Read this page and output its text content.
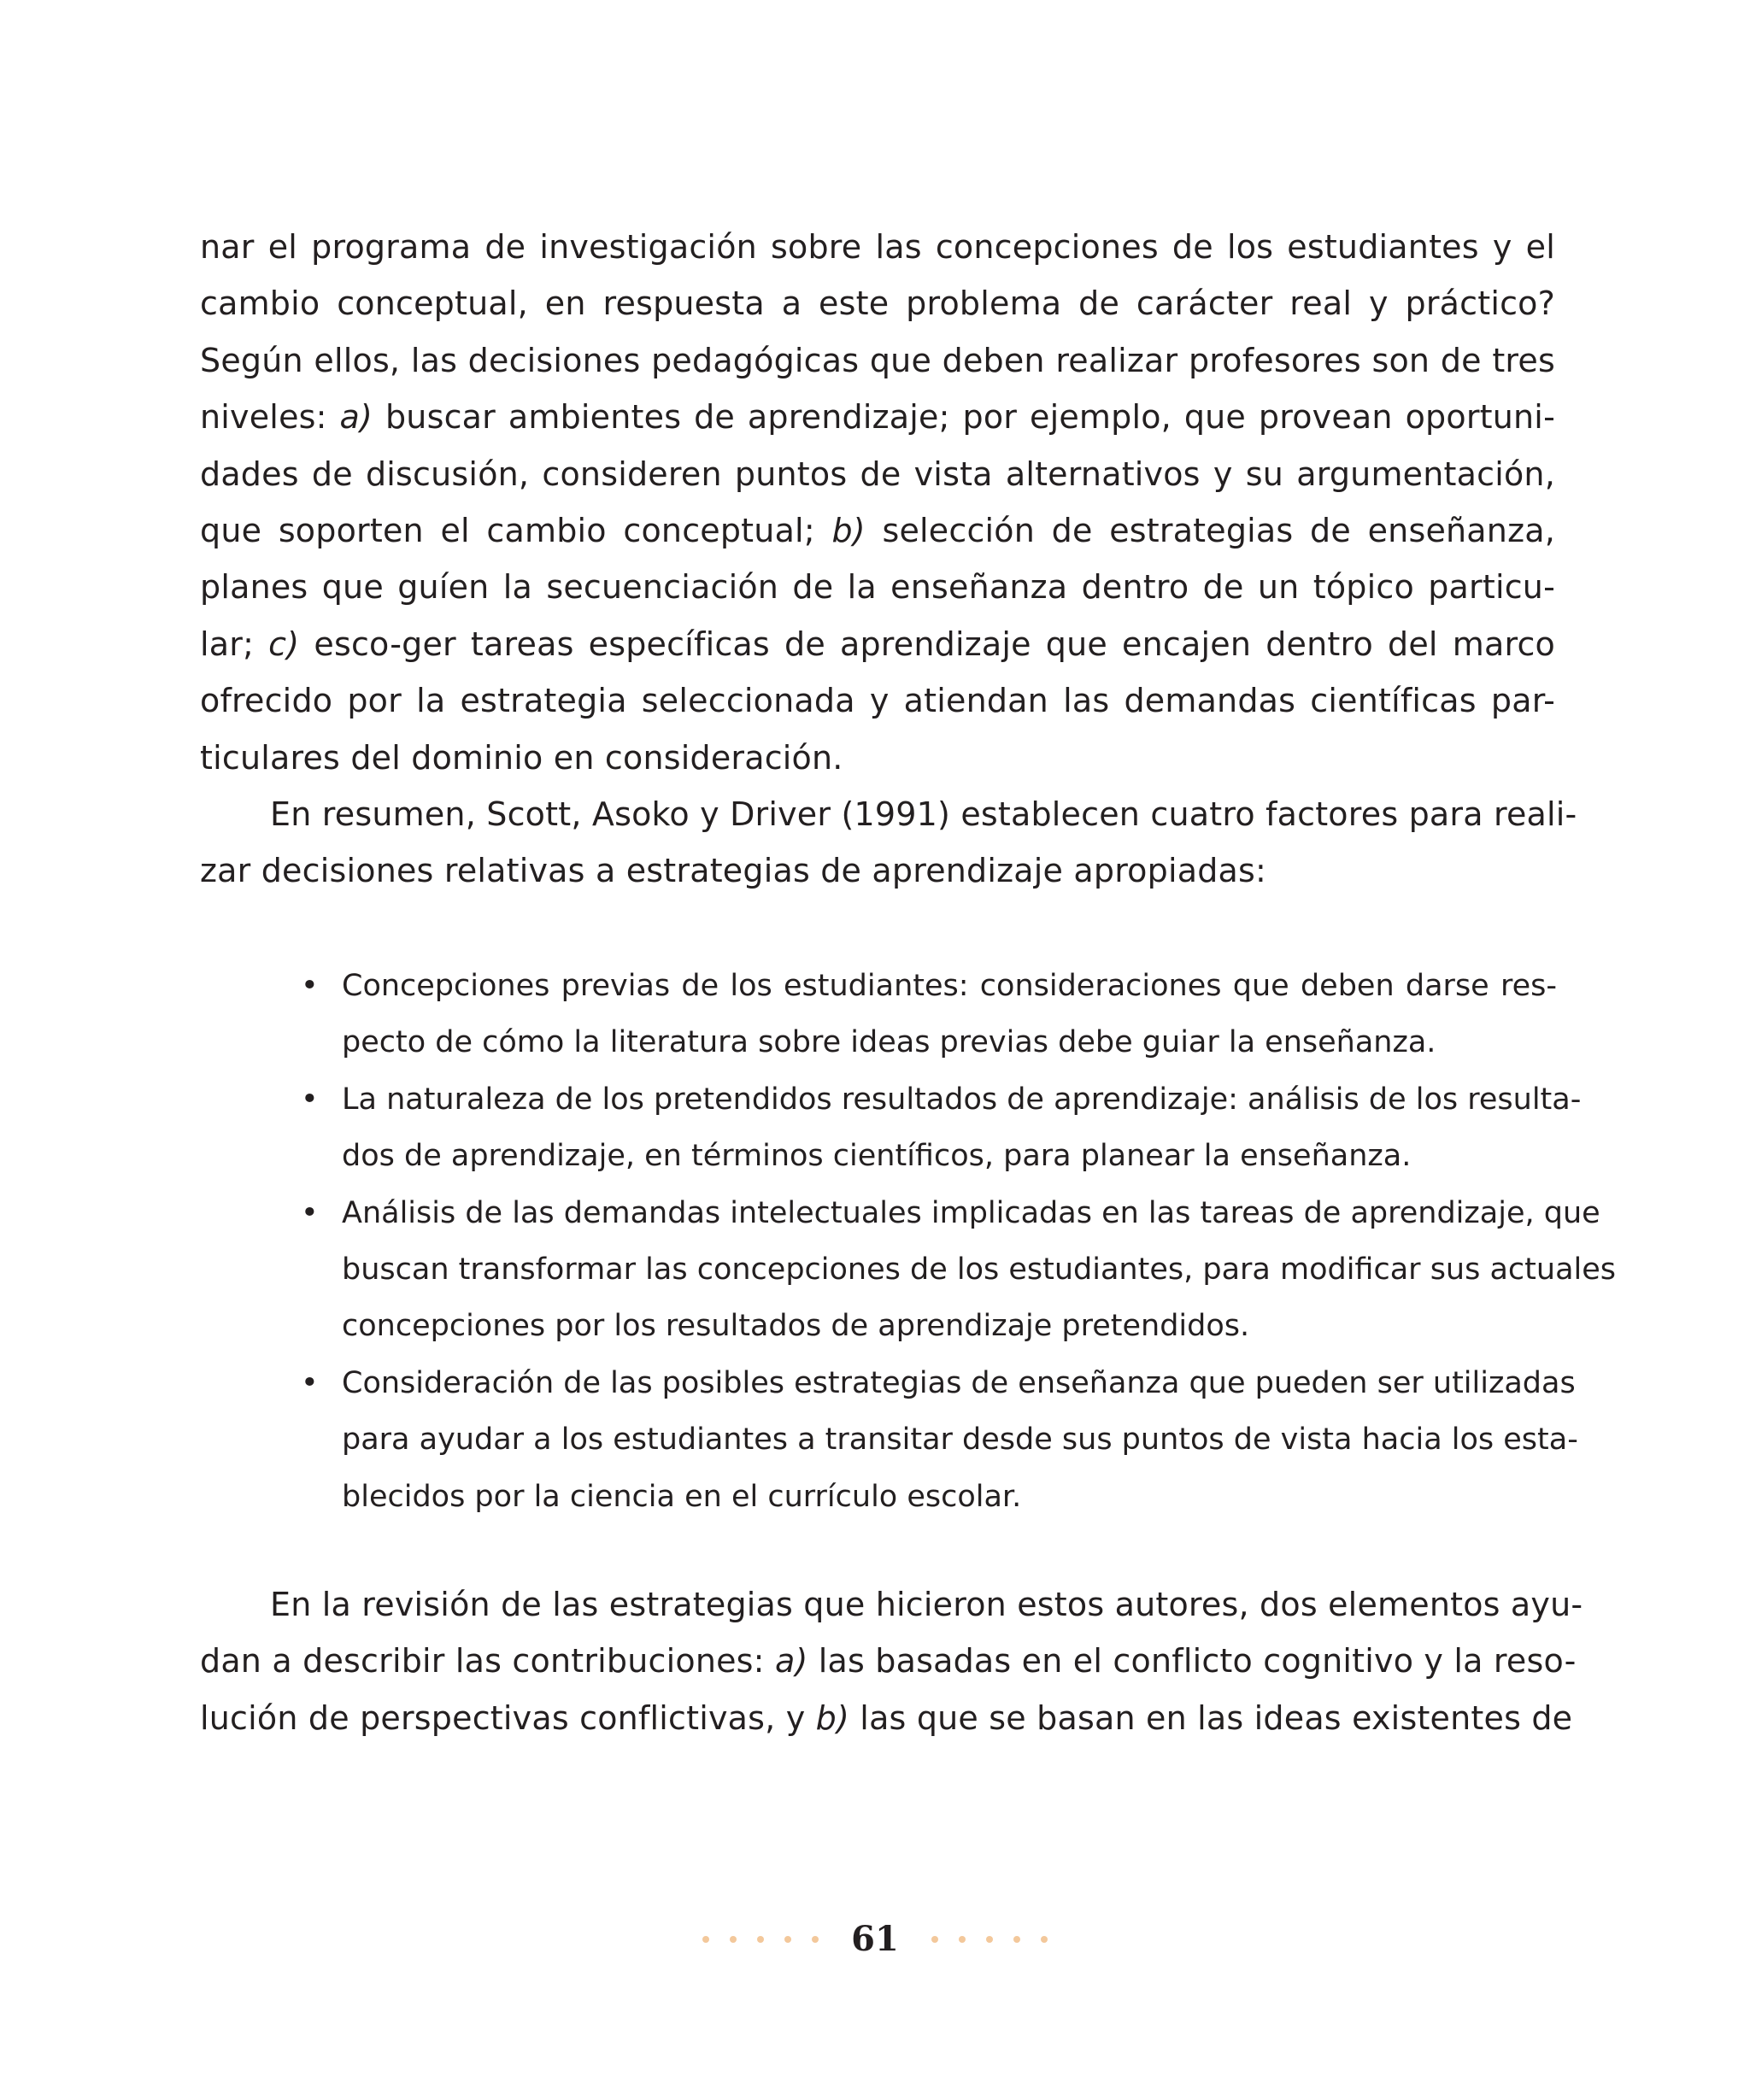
nar el programa de investigación sobre las concepciones de los estudiantes y el
cambio conceptual, en respuesta a este problema de carácter real y práctico?
Según ellos, las decisiones pedagógicas que deben realizar profesores son de tres
niveles: a) buscar ambientes de aprendizaje; por ejemplo, que provean oportuni-
dades de discusión, consideren puntos de vista alternativos y su argumentación,
que soporten el cambio conceptual; b) selección de estrategias de enseñanza,
planes que guíen la secuenciación de la enseñanza dentro de un tópico particu-
lar; c) esco-ger tareas específicas de aprendizaje que encajen dentro del marco
ofrecido por la estrategia seleccionada y atiendan las demandas científicas par-
ticulares del dominio en consideración.
En resumen, Scott, Asoko y Driver (1991) establecen cuatro factores para reali-
zar decisiones relativas a estrategias de aprendizaje apropiadas:
• Concepciones previas de los estudiantes: consideraciones que deben darse res-
pecto de cómo la literatura sobre ideas previas debe guiar la enseñanza.
• La naturaleza de los pretendidos resultados de aprendizaje: análisis de los resulta-
dos de aprendizaje, en términos científicos, para planear la enseñanza.
• Análisis de las demandas intelectuales implicadas en las tareas de aprendizaje, que
buscan transformar las concepciones de los estudiantes, para modificar sus actuales
concepciones por los resultados de aprendizaje pretendidos.
• Consideración de las posibles estrategias de enseñanza que pueden ser utilizadas
para ayudar a los estudiantes a transitar desde sus puntos de vista hacia los esta-
blecidos por la ciencia en el currículo escolar.
En la revisión de las estrategias que hicieron estos autores, dos elementos ayu-
dan a describir las contribuciones: a) las basadas en el conflicto cognitivo y la reso-
lución de perspectivas conflictivas, y b) las que se basan en las ideas existentes de
61
